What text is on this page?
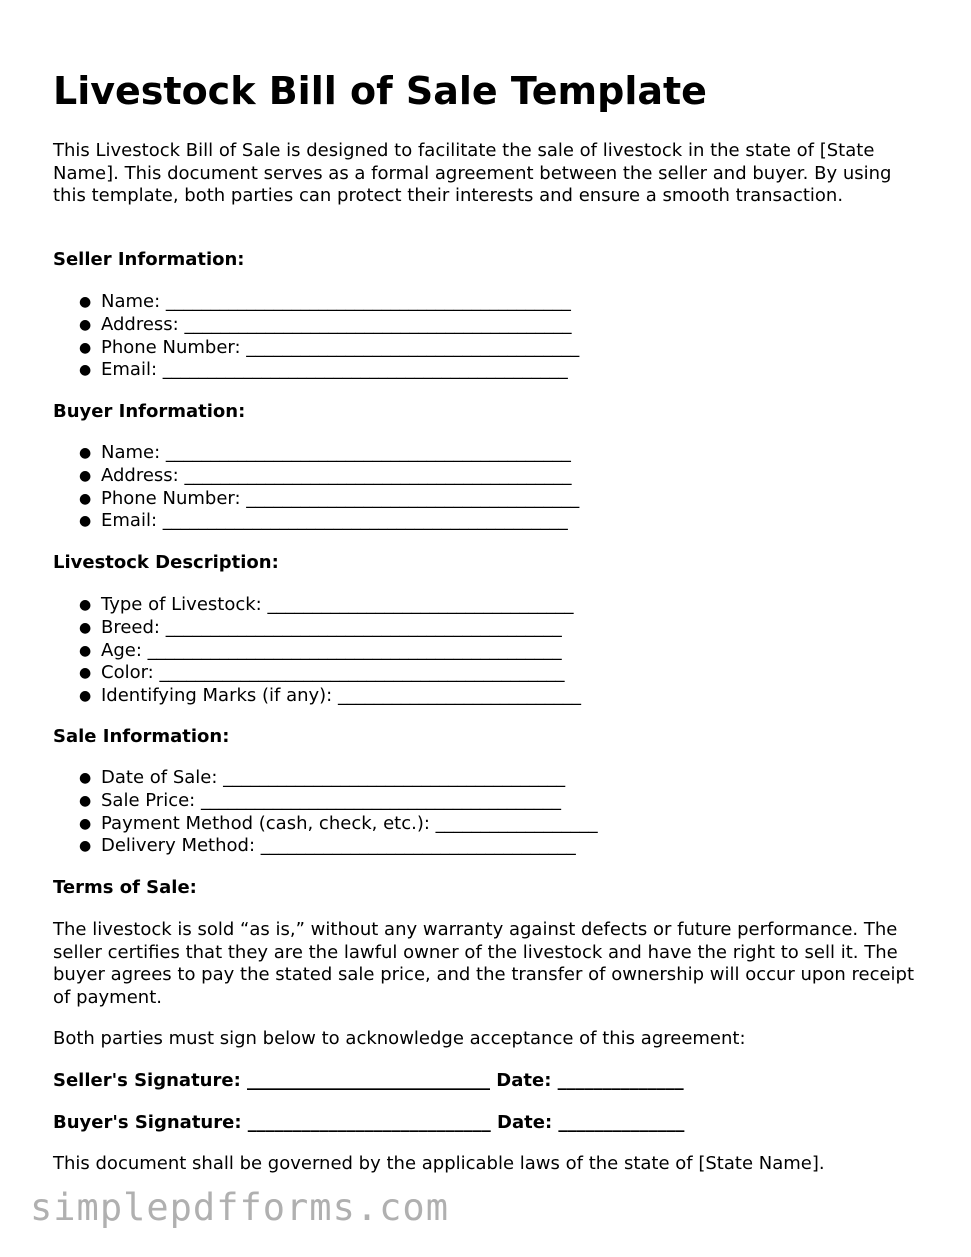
Livestock Bill of Sale Template

This Livestock Bill of Sale is designed to facilitate the sale of livestock in the state of [State Name]. This document serves as a formal agreement between the seller and buyer. By using this template, both parties can protect their interests and ensure a smooth transaction.

Seller Information:
● Name: _____________________________________________
● Address: ___________________________________________
● Phone Number: _____________________________________
● Email: _____________________________________________
Buyer Information:
● Name: _____________________________________________
● Address: ___________________________________________
● Phone Number: _____________________________________
● Email: _____________________________________________
Livestock Description:
● Type of Livestock: __________________________________
● Breed: ____________________________________________
● Age: ______________________________________________
● Color: _____________________________________________
● Identifying Marks (if any): ___________________________
Sale Information:
● Date of Sale: ______________________________________
● Sale Price: ________________________________________
● Payment Method (cash, check, etc.): __________________
● Delivery Method: ___________________________________
Terms of Sale:

The livestock is sold “as is,” without any warranty against defects or future performance. The seller certifies that they are the lawful owner of the livestock and have the right to sell it. The buyer agrees to pay the stated sale price, and the transfer of ownership will occur upon receipt of payment.

Both parties must sign below to acknowledge acceptance of this agreement:

Seller's Signature: ___________________________ Date: ______________
Buyer's Signature: ___________________________ Date: ______________

This document shall be governed by the applicable laws of the state of [State Name].

simplepdfforms.com
